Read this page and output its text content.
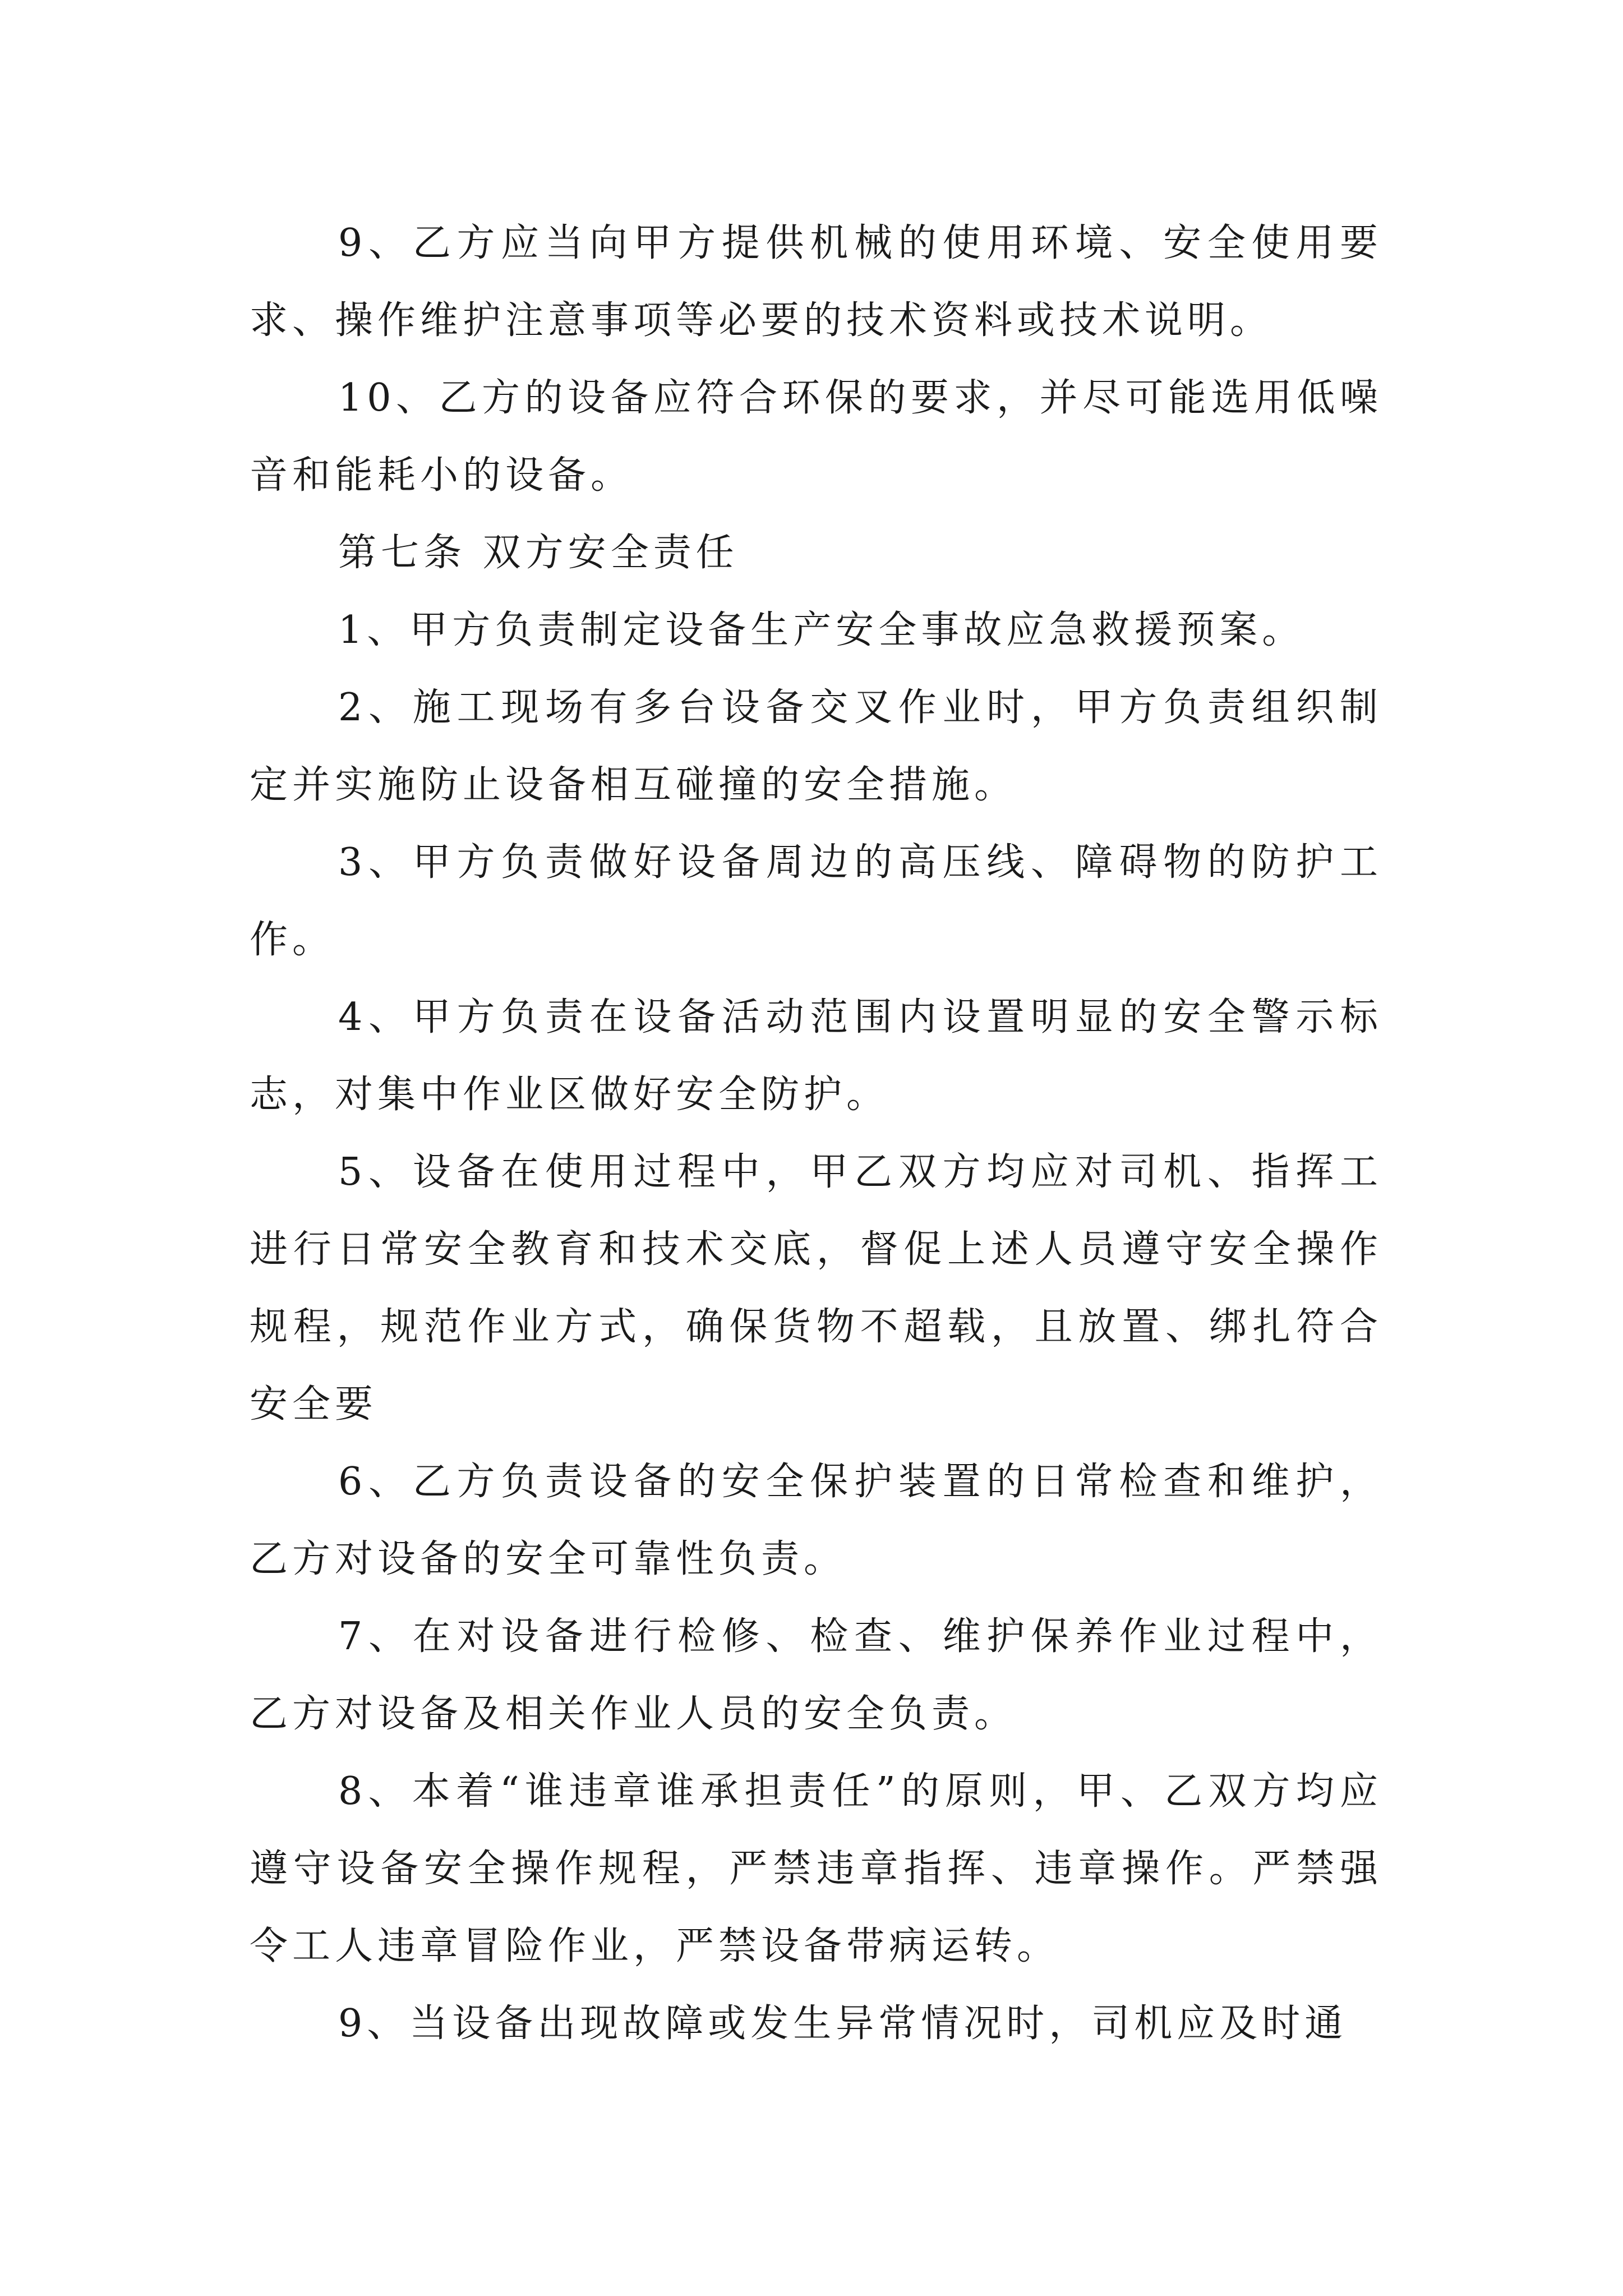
9、乙方应当向甲方提供机械的使用环境、安全使用要求、操作维护注意事项等必要的技术资料或技术说明。

10、乙方的设备应符合环保的要求，并尽可能选用低噪音和能耗小的设备。

第七条 双方安全责任

1、甲方负责制定设备生产安全事故应急救援预案。

2、施工现场有多台设备交叉作业时，甲方负责组织制定并实施防止设备相互碰撞的安全措施。

3、甲方负责做好设备周边的高压线、障碍物的防护工作。

4、甲方负责在设备活动范围内设置明显的安全警示标志，对集中作业区做好安全防护。

5、设备在使用过程中，甲乙双方均应对司机、指挥工进行日常安全教育和技术交底，督促上述人员遵守安全操作规程，规范作业方式，确保货物不超载，且放置、绑扎符合安全要

6、乙方负责设备的安全保护装置的日常检查和维护，乙方对设备的安全可靠性负责。

7、在对设备进行检修、检查、维护保养作业过程中，乙方对设备及相关作业人员的安全负责。

8、本着“谁违章谁承担责任”的原则，甲、乙双方均应遵守设备安全操作规程，严禁违章指挥、违章操作。严禁强令工人违章冒险作业，严禁设备带病运转。

9、当设备出现故障或发生异常情况时，司机应及时通
